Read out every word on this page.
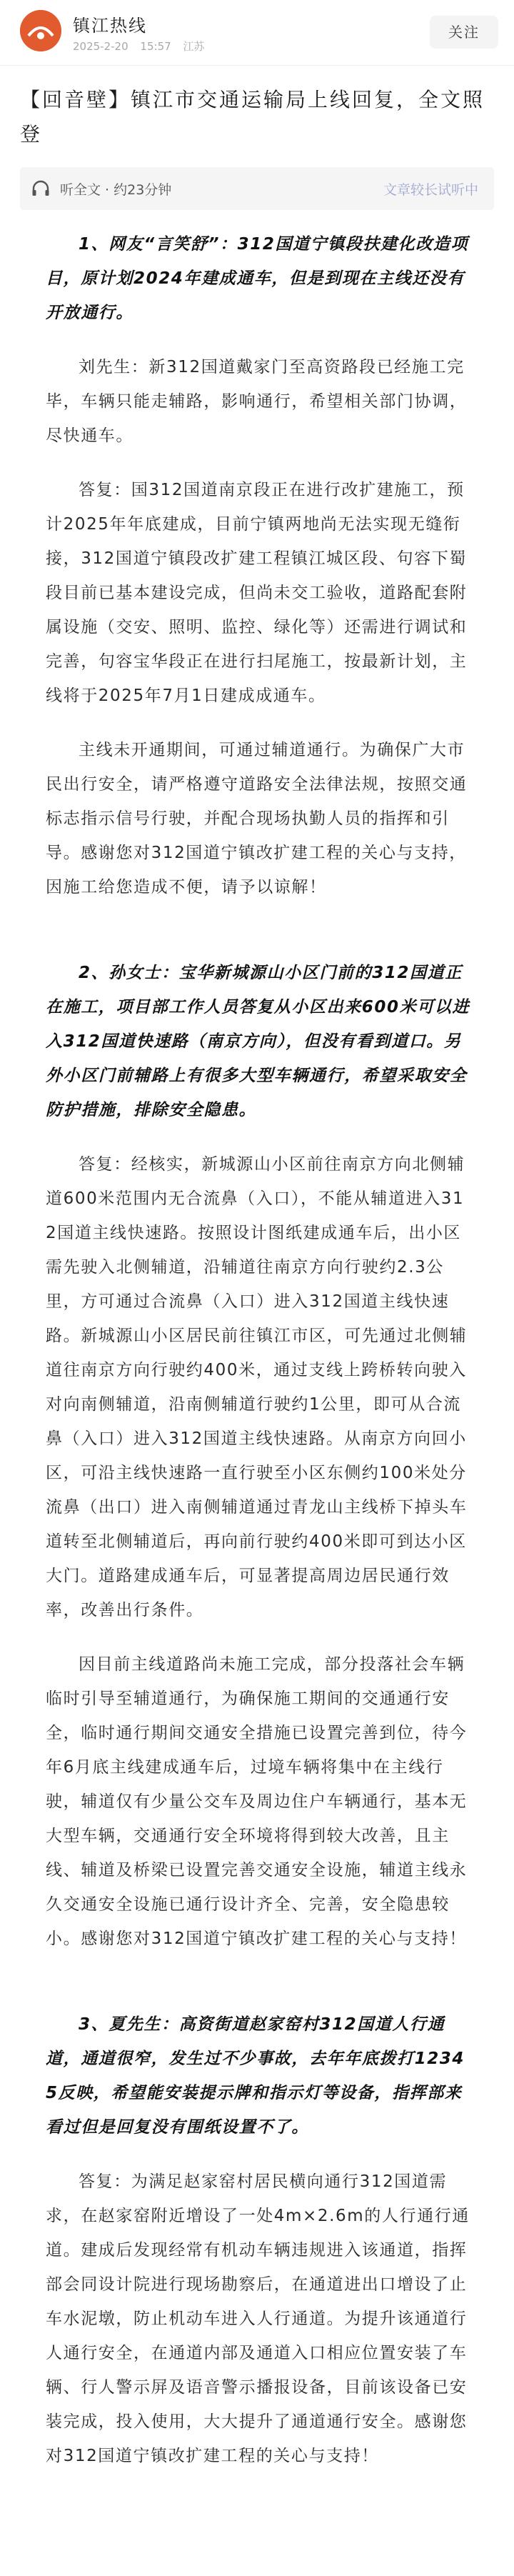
镇江热线
2025-2-20 15:57 江苏
关注
【回音壁】镇江市交通运输局上线回复，全文照登
听全文 · 约23分钟	文章较长试听中

1、网友“言笑舒”：312国道宁镇段扶建化改造项目，原计划2024年建成通车，但是到现在主线还没有开放通行。

刘先生：新312国道戴家门至高资路段已经施工完毕，车辆只能走辅路，影响通行，希望相关部门协调，尽快通车。

答复：国312国道南京段正在进行改扩建施工，预计2025年年底建成，目前宁镇两地尚无法实现无缝衔接，312国道宁镇段改扩建工程镇江城区段、句容下蜀段目前已基本建设完成，但尚未交工验收，道路配套附属设施（交安、照明、监控、绿化等）还需进行调试和完善，句容宝华段正在进行扫尾施工，按最新计划，主线将于2025年7月1日建成成通车。

主线未开通期间，可通过辅道通行。为确保广大市民出行安全，请严格遵守道路安全法律法规，按照交通标志指示信号行驶，并配合现场执勤人员的指挥和引导。感谢您对312国道宁镇改扩建工程的关心与支持，因施工给您造成不便，请予以谅解！

2、孙女士：宝华新城源山小区门前的312国道正在施工，项目部工作人员答复从小区出来600米可以进入312国道快速路（南京方向），但没有看到道口。另外小区门前辅路上有很多大型车辆通行，希望采取安全防护措施，排除安全隐患。

答复：经核实，新城源山小区前往南京方向北侧辅道600米范围内无合流鼻（入口），不能从辅道进入312国道主线快速路。按照设计图纸建成通车后，出小区需先驶入北侧辅道，沿辅道往南京方向行驶约2.3公里，方可通过合流鼻（入口）进入312国道主线快速路。新城源山小区居民前往镇江市区，可先通过北侧辅道往南京方向行驶约400米，通过支线上跨桥转向驶入对向南侧辅道，沿南侧辅道行驶约1公里，即可从合流鼻（入口）进入312国道主线快速路。从南京方向回小区，可沿主线快速路一直行驶至小区东侧约100米处分流鼻（出口）进入南侧辅道通过青龙山主线桥下掉头车道转至北侧辅道后，再向前行驶约400米即可到达小区大门。道路建成通车后，可显著提高周边居民通行效率，改善出行条件。

因目前主线道路尚未施工完成，部分投落社会车辆临时引导至辅道通行，为确保施工期间的交通通行安全，临时通行期间交通安全措施已设置完善到位，待今年6月底主线建成通车后，过境车辆将集中在主线行驶，辅道仅有少量公交车及周边住户车辆通行，基本无大型车辆，交通通行安全环境将得到较大改善，且主线、辅道及桥梁已设置完善交通安全设施，辅道主线永久交通安全设施已通行设计齐全、完善，安全隐患较小。感谢您对312国道宁镇改扩建工程的关心与支持！

3、夏先生：高资街道赵家窑村312国道人行通道，通道很窄，发生过不少事故，去年年底拨打12345反映，希望能安装提示牌和指示灯等设备，指挥部来看过但是回复没有围纸设置不了。

答复：为满足赵家窑村居民横向通行312国道需求，在赵家窑附近增设了一处4m×2.6m的人行通行通道。建成后发现经常有机动车辆违规进入该通道，指挥部会同设计院进行现场勘察后，在通道进出口增设了止车水泥墩，防止机动车进入人行通道。为提升该通道行人通行安全，在通道内部及通道入口相应位置安装了车辆、行人警示屏及语音警示播报设备，目前该设备已安装完成，投入使用，大大提升了通道通行安全。感谢您对312国道宁镇改扩建工程的关心与支持！
